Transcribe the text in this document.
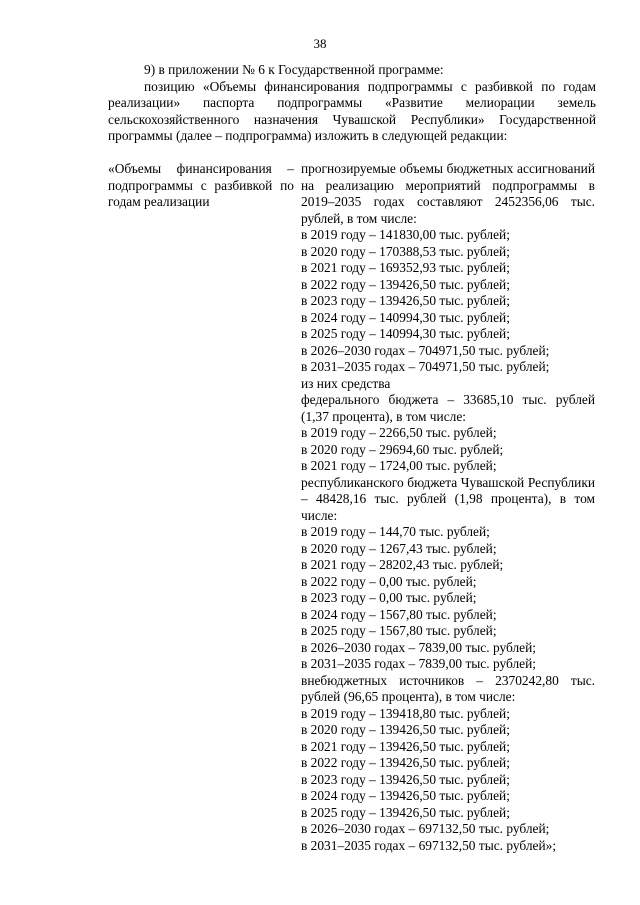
38

9) в приложении № 6 к Государственной программе:

позицию «Объемы финансирования подпрограммы с разбивкой по годам реализации» паспорта подпрограммы «Развитие мелиорации земель сельскохозяйственного назначения Чувашской Республики» Государственной программы (далее – подпрограмма) изложить в следующей редакции:

«Объемы финансирования – подпрограммы с разбивкой по годам реализации
прогнозируемые объемы бюджетных ассигнований на реализацию мероприятий подпрограммы в 2019–2035 годах составляют 2452356,06 тыс. рублей, в том числе:
в 2019 году – 141830,00 тыс. рублей;
в 2020 году – 170388,53 тыс. рублей;
в 2021 году – 169352,93 тыс. рублей;
в 2022 году – 139426,50 тыс. рублей;
в 2023 году – 139426,50 тыс. рублей;
в 2024 году – 140994,30 тыс. рублей;
в 2025 году – 140994,30 тыс. рублей;
в 2026–2030 годах – 704971,50 тыс. рублей;
в 2031–2035 годах – 704971,50 тыс. рублей;
из них средства
федерального бюджета – 33685,10 тыс. рублей (1,37 процента), в том числе:
в 2019 году – 2266,50 тыс. рублей;
в 2020 году – 29694,60 тыс. рублей;
в 2021 году – 1724,00 тыс. рублей;
республиканского бюджета Чувашской Республики – 48428,16 тыс. рублей (1,98 процента), в том числе:
в 2019 году – 144,70 тыс. рублей;
в 2020 году – 1267,43 тыс. рублей;
в 2021 году – 28202,43 тыс. рублей;
в 2022 году – 0,00 тыс. рублей;
в 2023 году – 0,00 тыс. рублей;
в 2024 году – 1567,80 тыс. рублей;
в 2025 году – 1567,80 тыс. рублей;
в 2026–2030 годах – 7839,00 тыс. рублей;
в 2031–2035 годах – 7839,00 тыс. рублей;
внебюджетных источников – 2370242,80 тыс. рублей (96,65 процента), в том числе:
в 2019 году – 139418,80 тыс. рублей;
в 2020 году – 139426,50 тыс. рублей;
в 2021 году – 139426,50 тыс. рублей;
в 2022 году – 139426,50 тыс. рублей;
в 2023 году – 139426,50 тыс. рублей;
в 2024 году – 139426,50 тыс. рублей;
в 2025 году – 139426,50 тыс. рублей;
в 2026–2030 годах – 697132,50 тыс. рублей;
в 2031–2035 годах – 697132,50 тыс. рублей»;
